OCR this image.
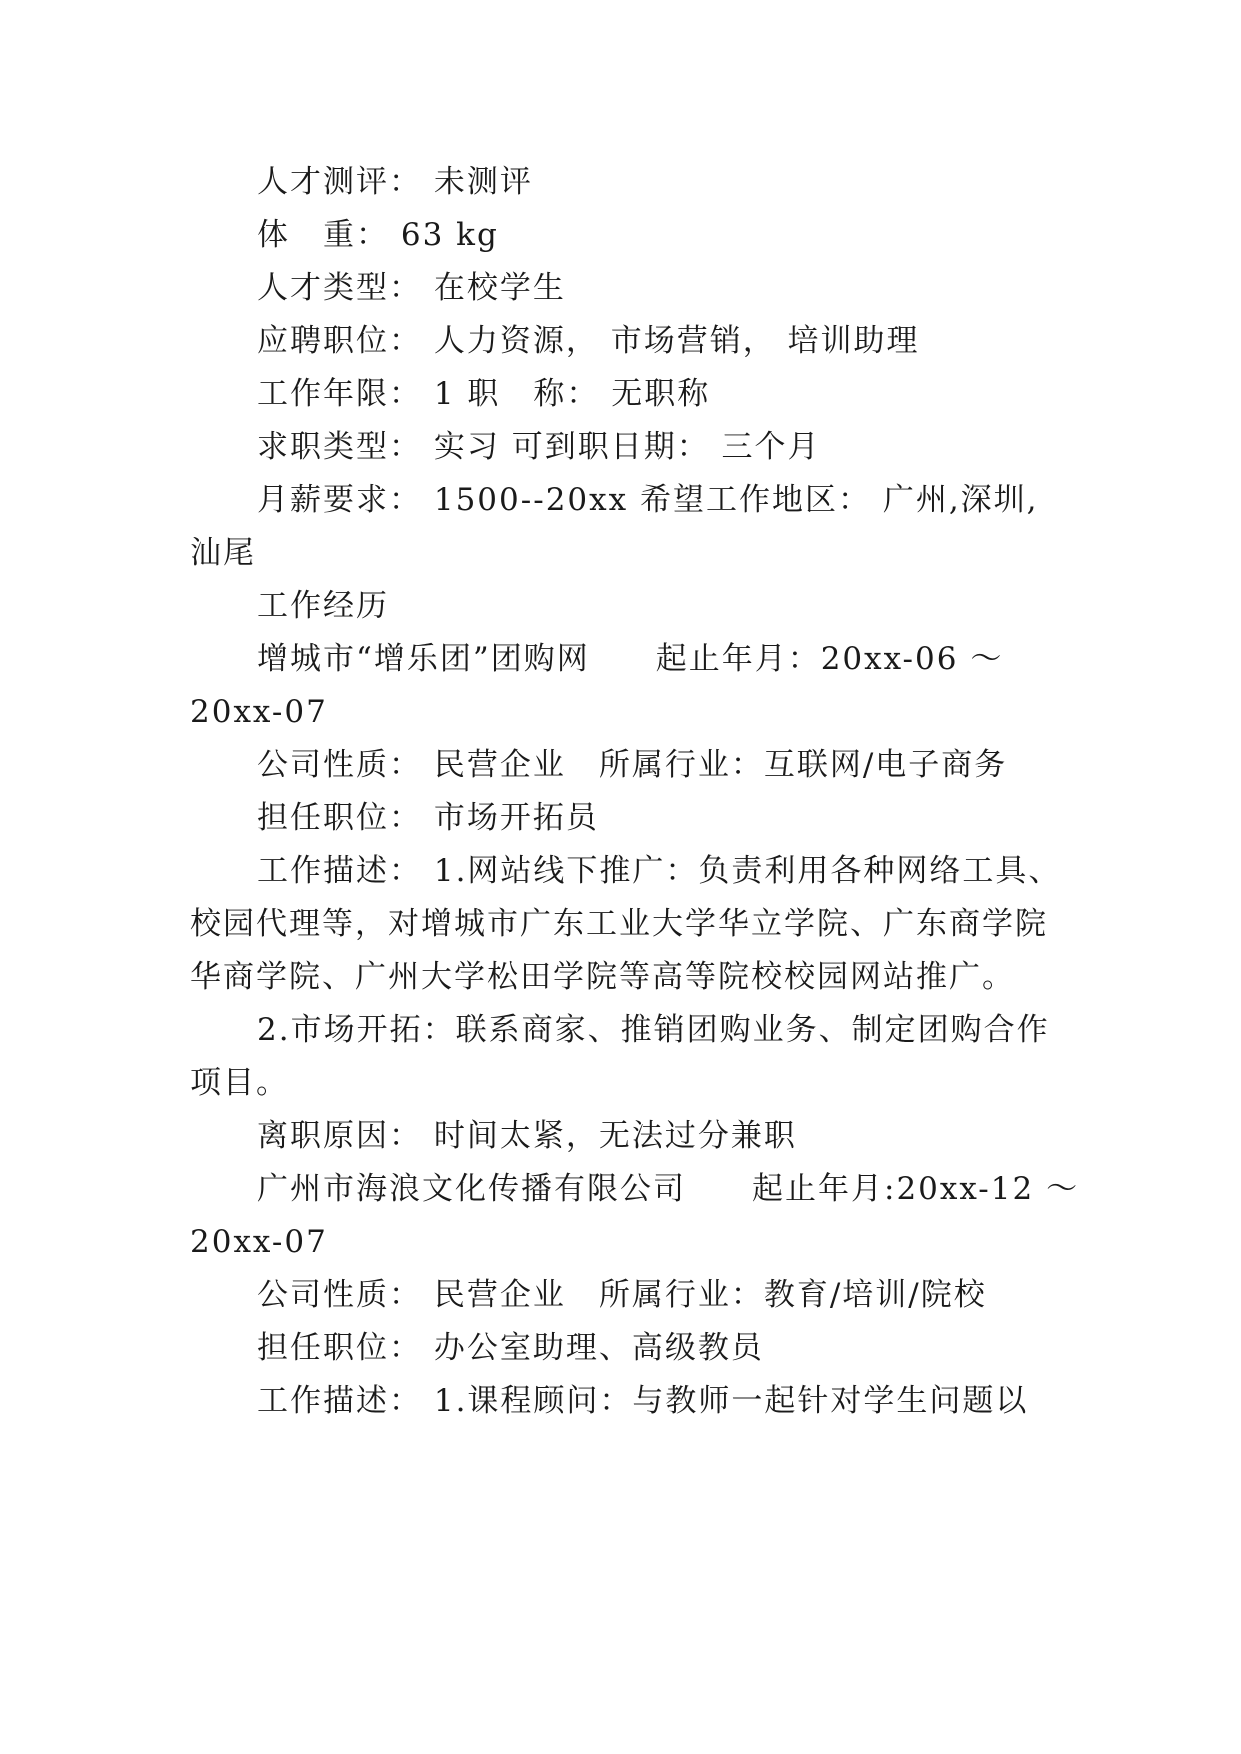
人才测评： 未测评
体　重： 63 kg
人才类型： 在校学生
应聘职位： 人力资源， 市场营销， 培训助理
工作年限： 1 职　称： 无职称
求职类型： 实习 可到职日期： 三个月
月薪要求： 1500--20xx 希望工作地区： 广州,深圳,
汕尾
工作经历
增城市“增乐团”团购网　　起止年月：20xx-06 ～
20xx-07
公司性质： 民营企业　所属行业：互联网/电子商务
担任职位： 市场开拓员
工作描述： 1.网站线下推广：负责利用各种网络工具、
校园代理等，对增城市广东工业大学华立学院、广东商学院
华商学院、广州大学松田学院等高等院校校园网站推广。
2.市场开拓：联系商家、推销团购业务、制定团购合作
项目。
离职原因： 时间太紧，无法过分兼职
广州市海浪文化传播有限公司　　起止年月:20xx-12 ～
20xx-07
公司性质： 民营企业　所属行业：教育/培训/院校
担任职位： 办公室助理、高级教员
工作描述： 1.课程顾问：与教师一起针对学生问题以
